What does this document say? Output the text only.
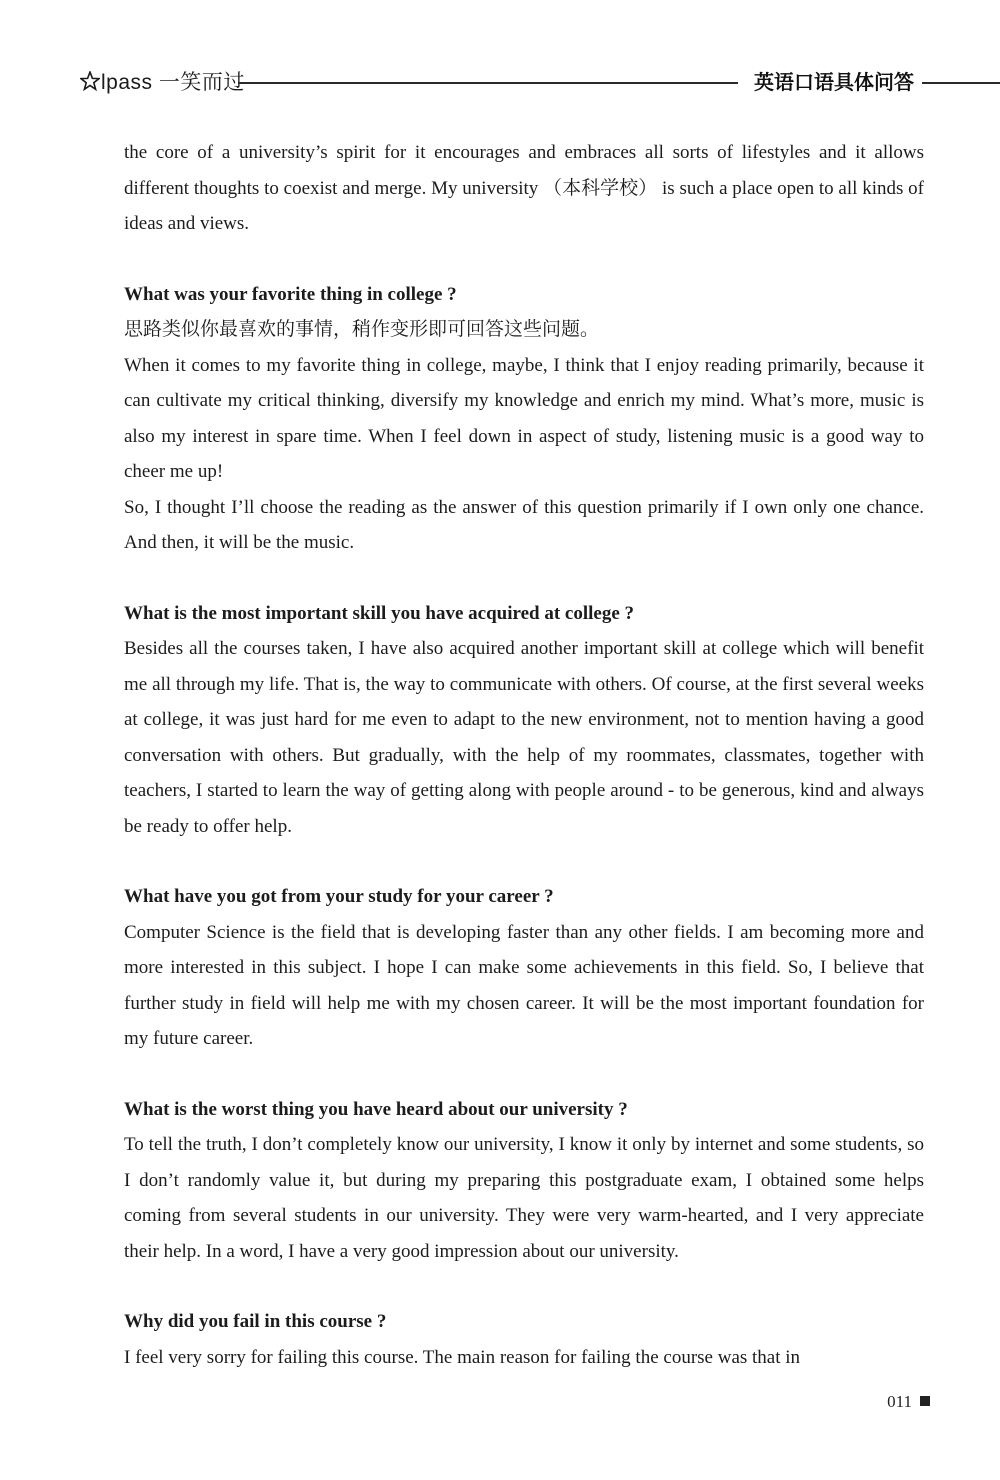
lpass 一笑而过	英语口语具体问答

the core of a university’s spirit for it encourages and embraces all sorts of lifestyles and it allows different thoughts to coexist and merge. My university （本科学校） is such a place open to all kinds of ideas and views.

What was your favorite thing in college ?

思路类似你最喜欢的事情，稍作变形即可回答这些问题。

When it comes to my favorite thing in college, maybe, I think that I enjoy reading primarily, because it can cultivate my critical thinking, diversify my knowledge and enrich my mind. What’s more, music is also my interest in spare time. When I feel down in aspect of study, listening music is a good way to cheer me up!

So, I thought I’ll choose the reading as the answer of this question primarily if I own only one chance. And then, it will be the music.

What is the most important skill you have acquired at college ?

Besides all the courses taken, I have also acquired another important skill at college which will benefit me all through my life. That is, the way to communicate with others. Of course, at the first several weeks at college, it was just hard for me even to adapt to the new environment, not to mention having a good conversation with others. But gradually, with the help of my roommates, classmates, together with teachers, I started to learn the way of getting along with people around - to be generous, kind and always be ready to offer help.

What have you got from your study for your career ?

Computer Science is the field that is developing faster than any other fields. I am becoming more and more interested in this subject. I hope I can make some achievements in this field. So, I believe that further study in field will help me with my chosen career. It will be the most important foundation for my future career.

What is the worst thing you have heard about our university ?

To tell the truth, I don’t completely know our university, I know it only by internet and some students, so I don’t randomly value it, but during my preparing this postgraduate exam, I obtained some helps coming from several students in our university. They were very warm-hearted, and I very appreciate their help. In a word, I have a very good impression about our university.

Why did you fail in this course ?

I feel very sorry for failing this course. The main reason for failing the course was that in

011
